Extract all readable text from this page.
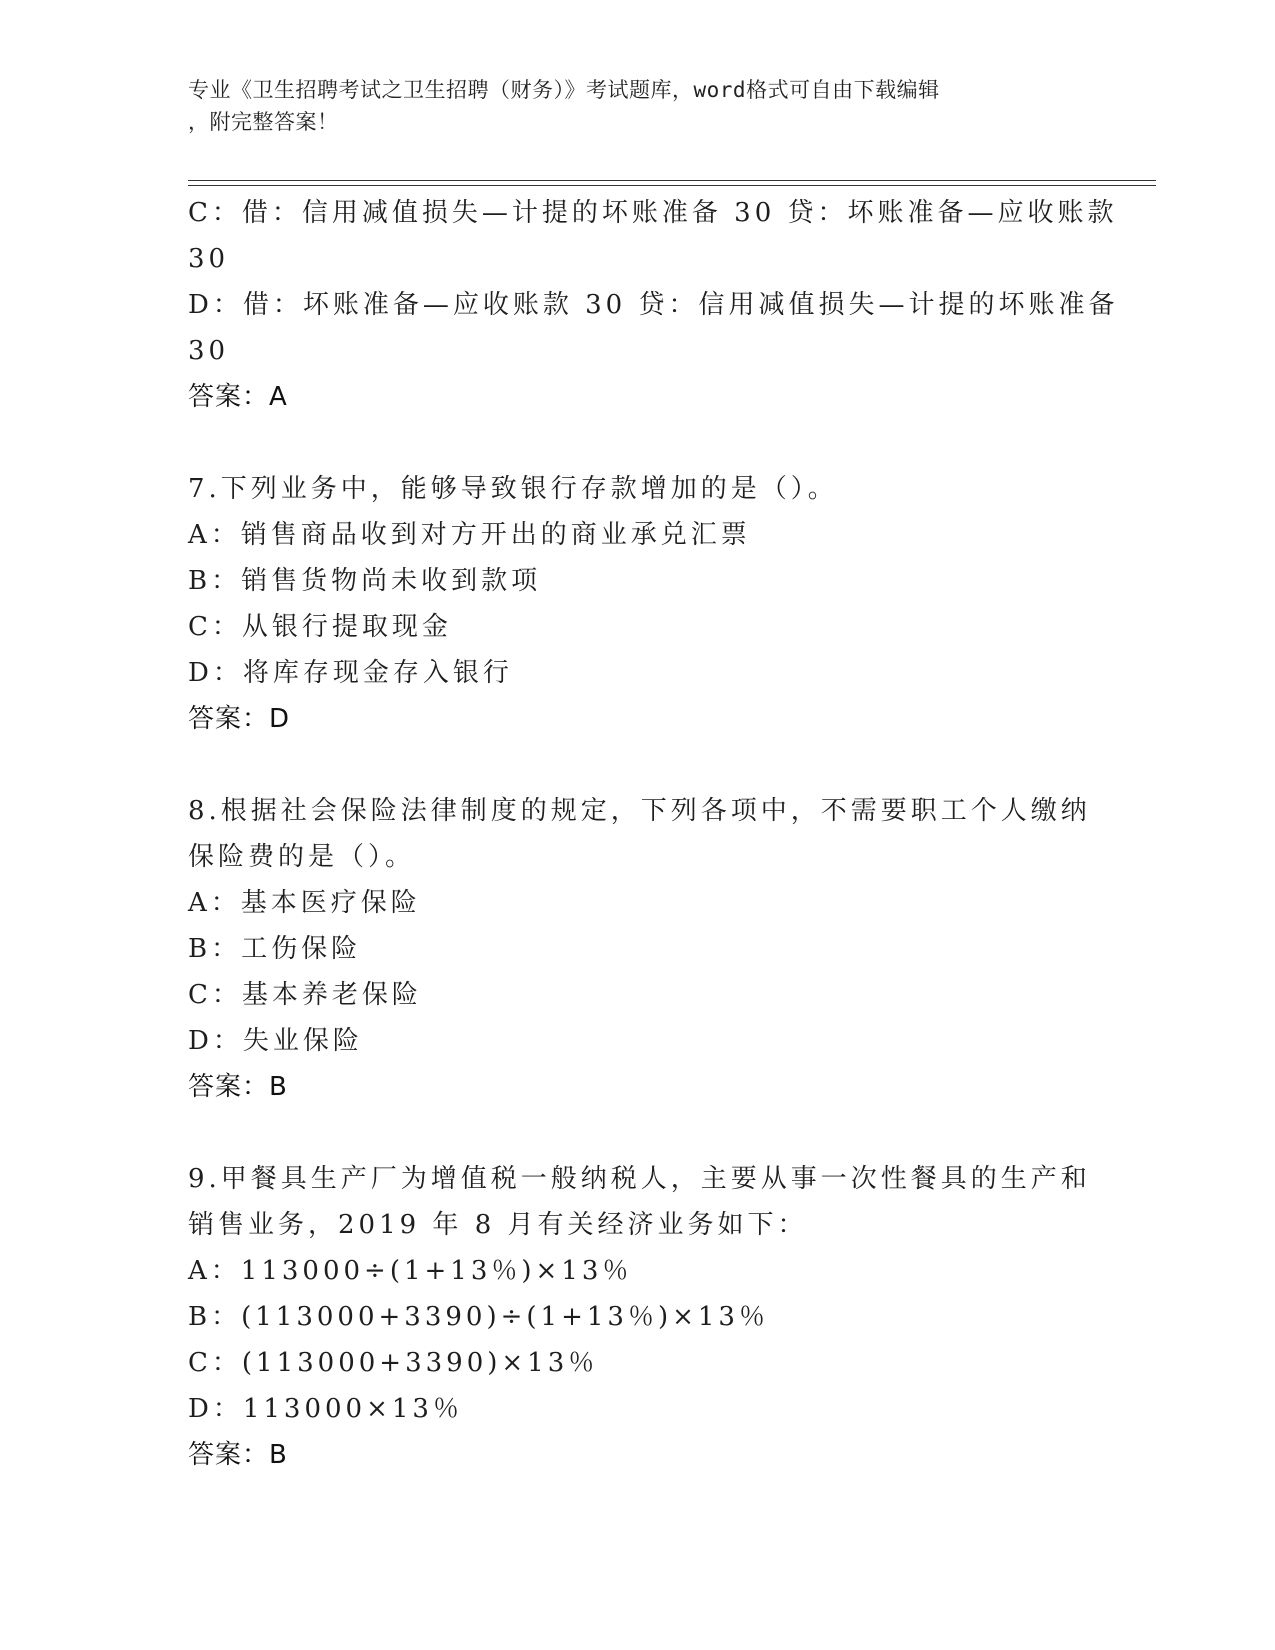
专业《卫生招聘考试之卫生招聘（财务）》考试题库，word格式可自由下载编辑
，附完整答案！
C：借：信用减值损失—计提的坏账准备 30 贷：坏账准备—应收账款
30
D：借：坏账准备—应收账款 30 贷：信用减值损失—计提的坏账准备
30
答案：A
7.下列业务中，能够导致银行存款增加的是（）。
A：销售商品收到对方开出的商业承兑汇票
B：销售货物尚未收到款项
C：从银行提取现金
D：将库存现金存入银行
答案：D
8.根据社会保险法律制度的规定，下列各项中，不需要职工个人缴纳
保险费的是（）。
A：基本医疗保险
B：工伤保险
C：基本养老保险
D：失业保险
答案：B
9.甲餐具生产厂为增值税一般纳税人，主要从事一次性餐具的生产和
销售业务，2019 年 8 月有关经济业务如下：
A：113000÷(1+13％)×13％
B：(113000+3390)÷(1+13％)×13％
C：(113000+3390)×13％
D：113000×13％
答案：B
